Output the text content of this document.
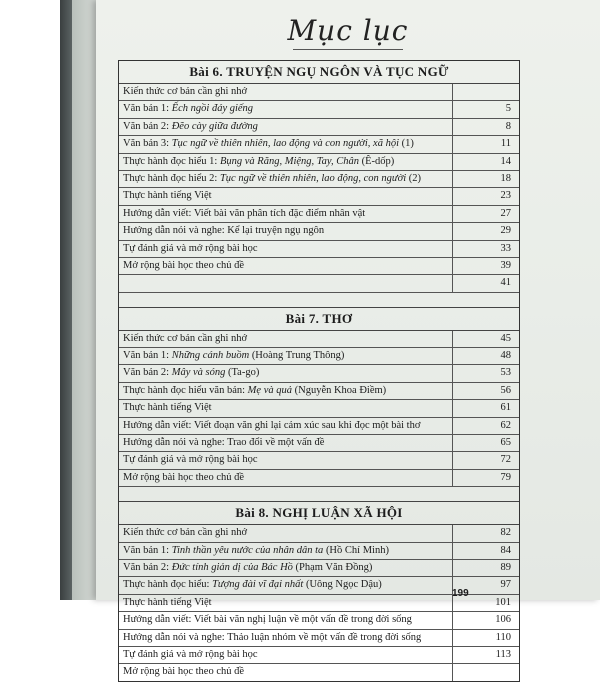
Mục lục
Bài 6. TRUYỆN NGỤ NGÔN VÀ TỤC NGỮ
Kiến thức cơ bản cần ghi nhớ
Văn bản 1: Ếch ngồi đáy giếng	5
Văn bản 2: Đẽo cày giữa đường	8
Văn bản 3: Tục ngữ về thiên nhiên, lao động và con người, xã hội (1)	11
Thực hành đọc hiểu 1: Bụng và Răng, Miệng, Tay, Chân (Ê-dốp)	14
Thực hành đọc hiểu 2: Tục ngữ về thiên nhiên, lao động, con người (2)	18
Thực hành tiếng Việt	23
Hướng dẫn viết: Viết bài văn phân tích đặc điểm nhân vật	27
Hướng dẫn nói và nghe: Kể lại truyện ngụ ngôn	29
Tự đánh giá và mở rộng bài học	33
Mở rộng bài học theo chủ đề	39
41
Bài 7. THƠ
Kiến thức cơ bản cần ghi nhớ	45
Văn bản 1: Những cánh buồm (Hoàng Trung Thông)	48
Văn bản 2: Mây và sóng (Ta-go)	53
Thực hành đọc hiểu văn bản: Mẹ và quả (Nguyễn Khoa Điềm)	56
Thực hành tiếng Việt	61
Hướng dẫn viết: Viết đoạn văn ghi lại cảm xúc sau khi đọc một bài thơ	62
Hướng dẫn nói và nghe: Trao đổi về một vấn đề	65
Tự đánh giá và mở rộng bài học	72
Mở rộng bài học theo chủ đề	79
Bài 8. NGHỊ LUẬN XÃ HỘI
Kiến thức cơ bản cần ghi nhớ	82
Văn bản 1: Tinh thần yêu nước của nhân dân ta (Hồ Chí Minh)	84
Văn bản 2: Đức tính giản dị của Bác Hồ (Phạm Văn Đồng)	89
Thực hành đọc hiểu: Tượng đài vĩ đại nhất (Uông Ngọc Dậu)	97
Thực hành tiếng Việt	101
Hướng dẫn viết: Viết bài văn nghị luận về một vấn đề trong đời sống	106
Hướng dẫn nói và nghe: Thảo luận nhóm về một vấn đề trong đời sống	110
Tự đánh giá và mở rộng bài học	113
Mở rộng bài học theo chủ đề
199
